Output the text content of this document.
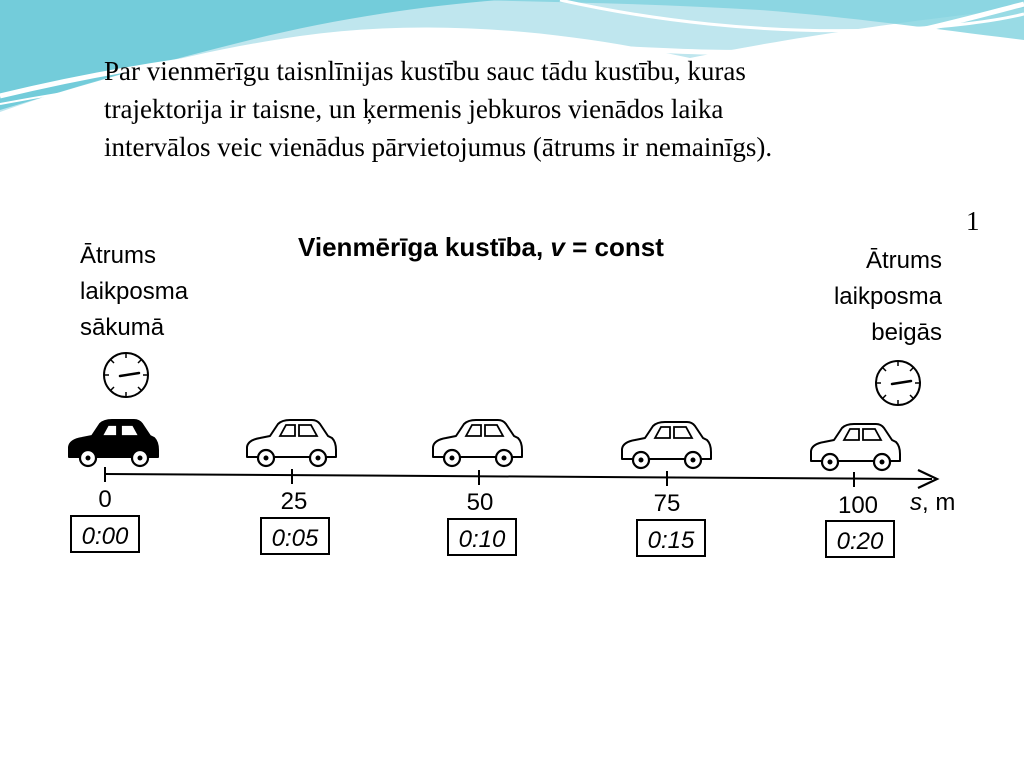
Par vienmērīgu taisnlīnijas kustību sauc tādu kustību, kuras
trajektorija ir taisne, un ķermenis jebkuros vienādos laika
intervālos veic vienādus pārvietojumus (ātrums ir nemainīgs).

1
Vienmērīga kustība, v = const
Ātrums
laikposma
sākumā
Ātrums
laikposma
beigās
0	25	50	75	100 s, m
0:00	0:05	0:10	0:15	0:20
